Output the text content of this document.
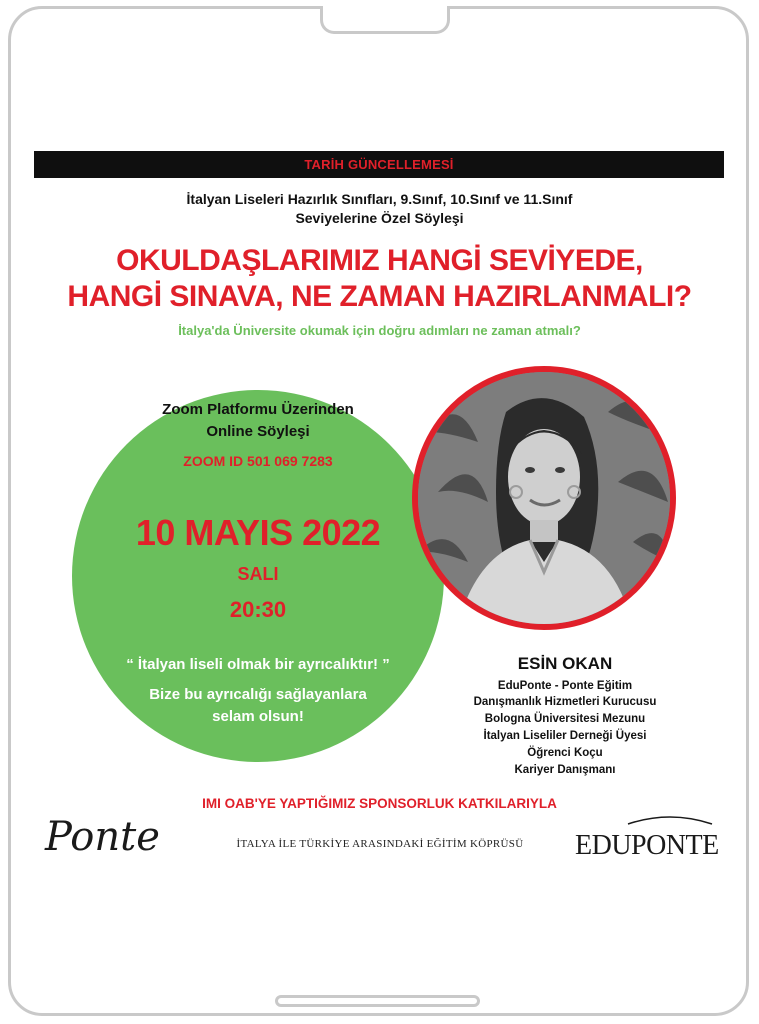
TARİH GÜNCELLEMESİ
İtalyan Liseleri Hazırlık Sınıfları, 9.Sınıf, 10.Sınıf ve 11.Sınıf
Seviyelerine Özel Söyleşi
OKULDAŞLARIMIZ HANGİ SEVİYEDE,
HANGİ SINAVA, NE ZAMAN HAZIRLANMALI?
İtalya'da Üniversite okumak için doğru adımları ne zaman atmalı?
Zoom Platformu Üzerinden
Online Söyleşi
ZOOM ID 501 069 7283
10 MAYIS 2022
SALI
20:30
“ İtalyan liseli olmak bir ayrıcalıktır! ”
Bize bu ayrıcalığı sağlayanlara
selam olsun!
ESİN OKAN
EduPonte - Ponte Eğitim
Danışmanlık Hizmetleri Kurucusu
Bologna Üniversitesi Mezunu
İtalyan Liseliler Derneği Üyesi
Öğrenci Koçu
Kariyer Danışmanı
IMI OAB'YE YAPTIĞIMIZ SPONSORLUK KATKILARIYLA
Ponte	İTALYA İLE TÜRKİYE ARASINDAKİ EĞİTİM KÖPRÜSÜ	EDUPONTE
